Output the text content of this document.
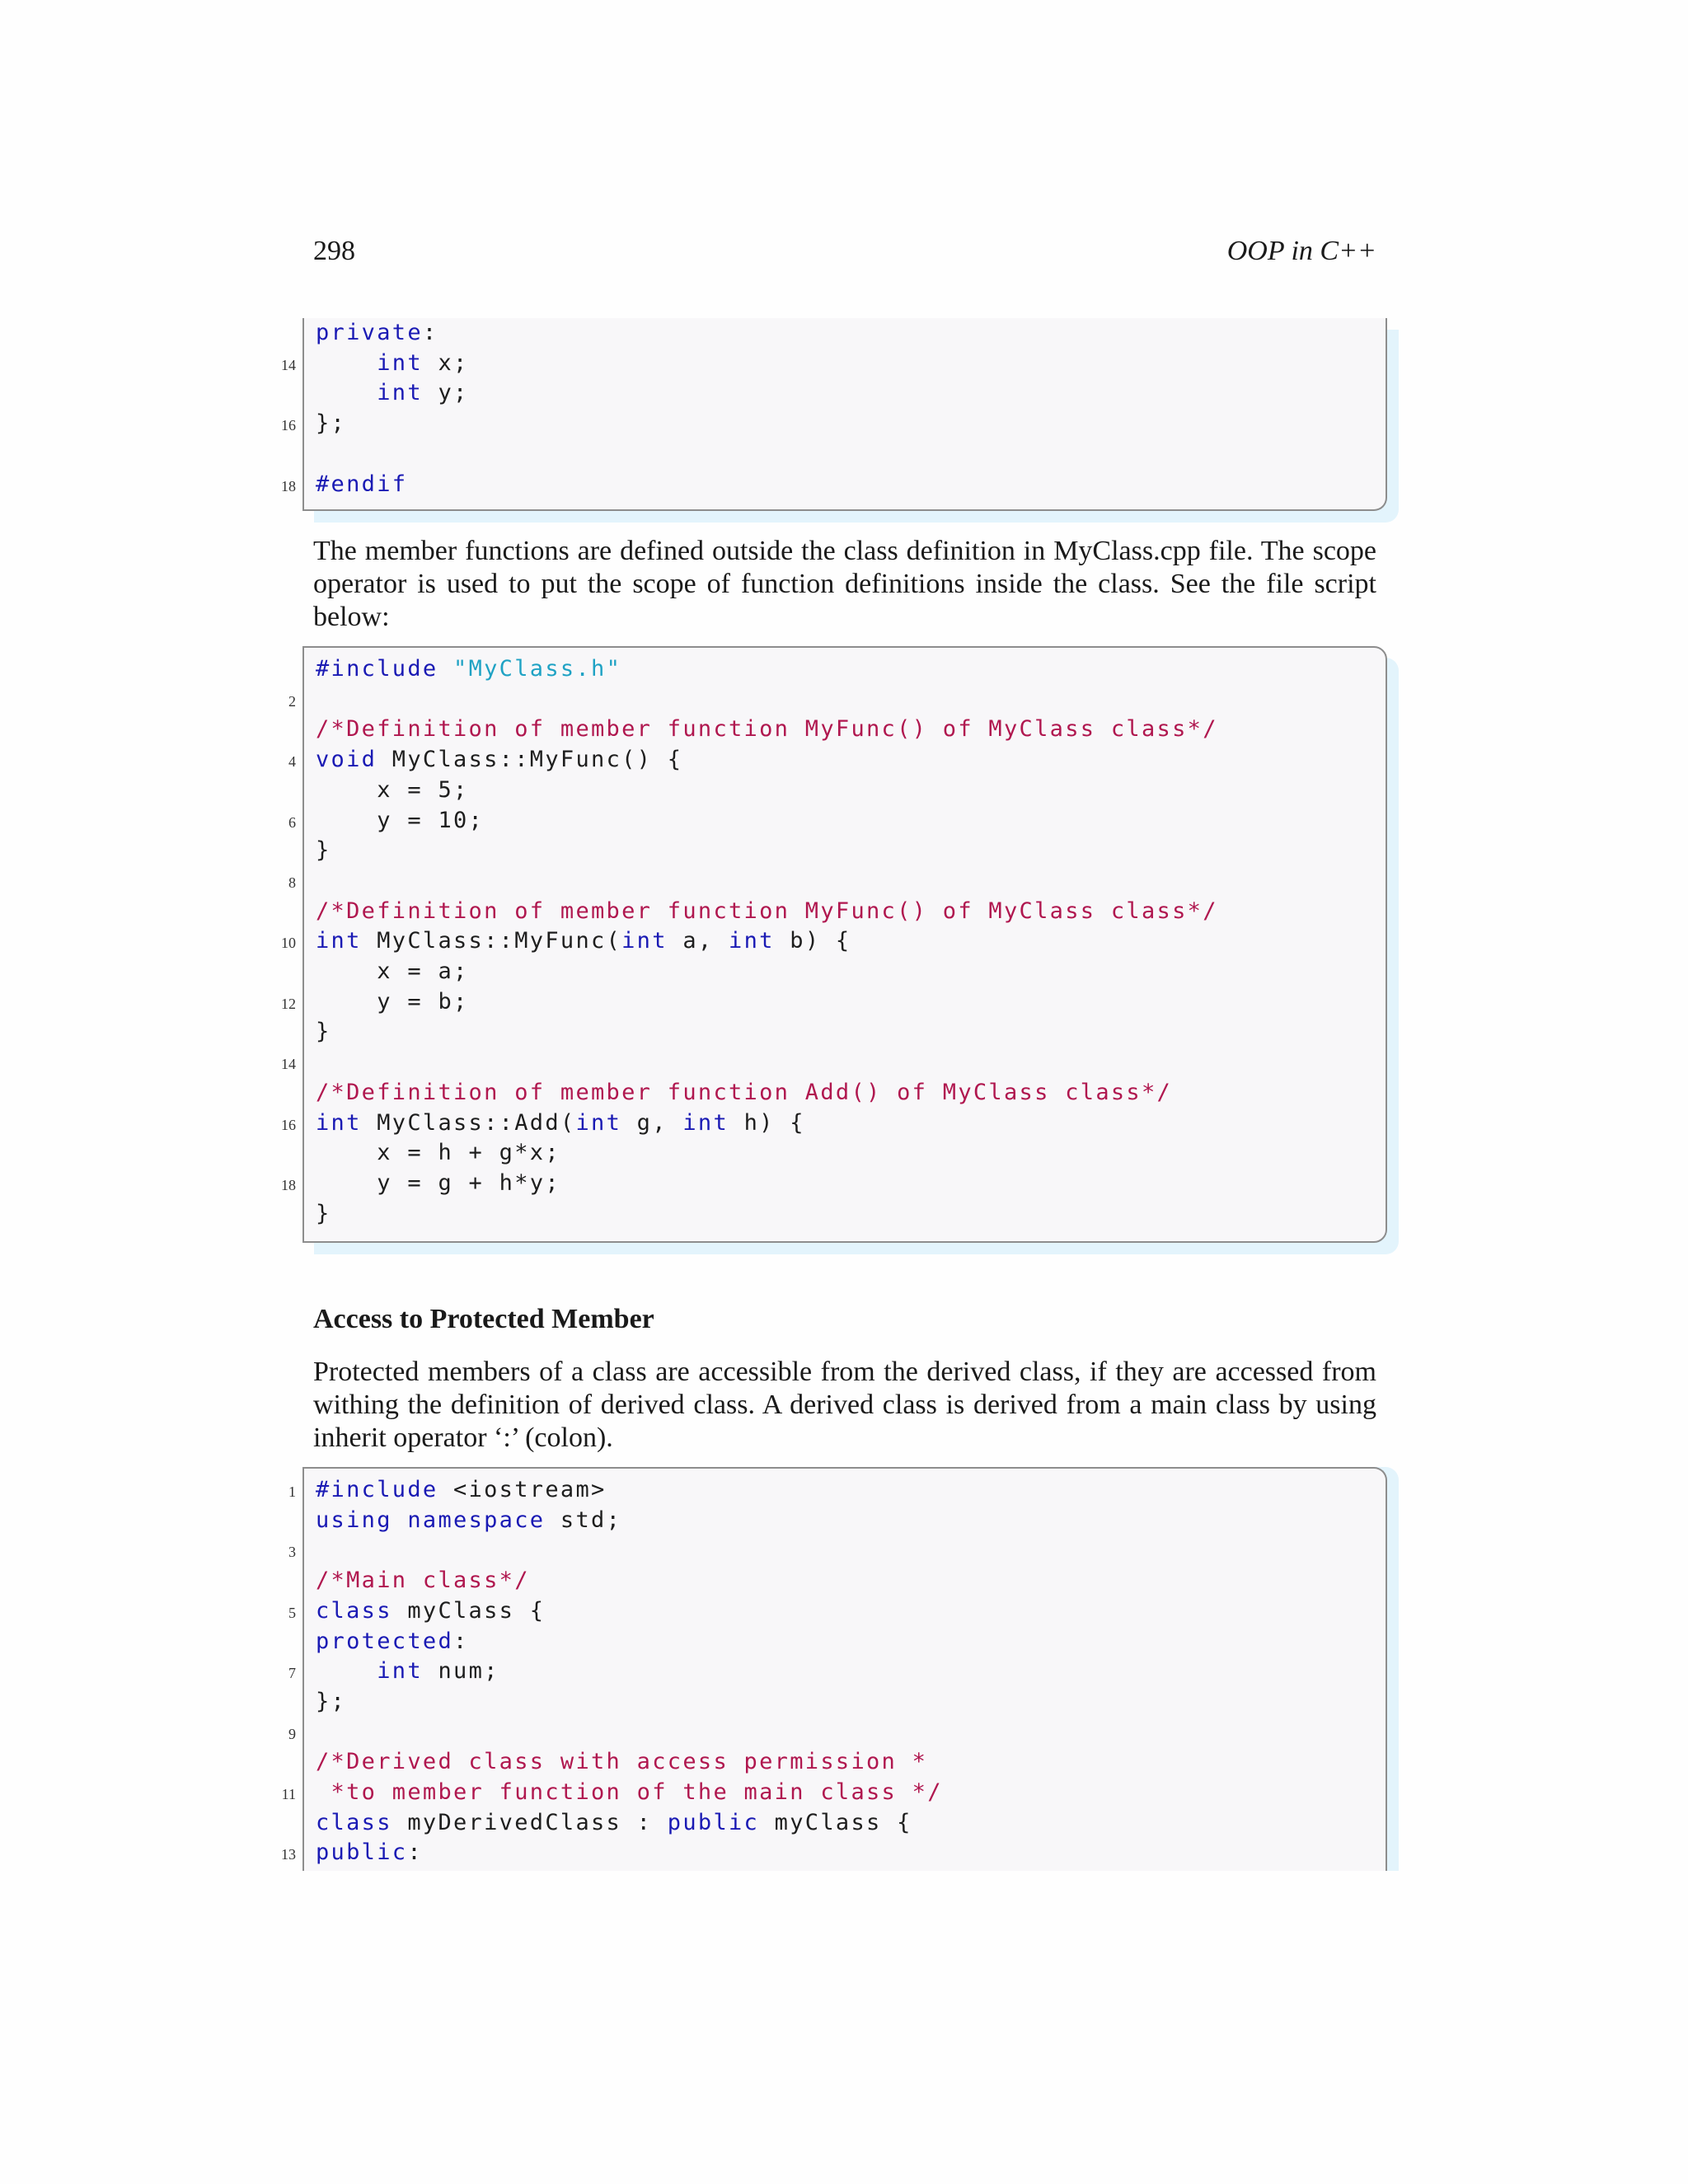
298	OOP in C++
private:
14	int x;
int y;
16 };
18 #endif
The member functions are defined outside the class definition in MyClass.cpp file. The scope operator is used to put the scope of function definitions inside the class. See the file script below:
#include "MyClass.h"
2
/*Definition of member function MyFunc() of MyClass class*/
4 void MyClass::MyFunc() {
x = 5;
6 y = 10;
}
8
/*Definition of member function MyFunc() of MyClass class*/
10 int MyClass::MyFunc(int a, int b) {
x = a;
12 y = b;
}
14
/*Definition of member function Add() of MyClass class*/
16 int MyClass::Add(int g, int h) {
x = h + g*x;
18 y = g + h*y;
}
Access to Protected Member
Protected members of a class are accessible from the derived class, if they are accessed from withing the definition of derived class. A derived class is derived from a main class by using inherit operator ‘:’ (colon).
1 #include <iostream>
using namespace std;
3
/*Main class*/
5 class myClass {
protected:
7	int num;
};
9
/*Derived class with access permission *
11 *to member function of the main class */
class myDerivedClass : public myClass {
13 public:
